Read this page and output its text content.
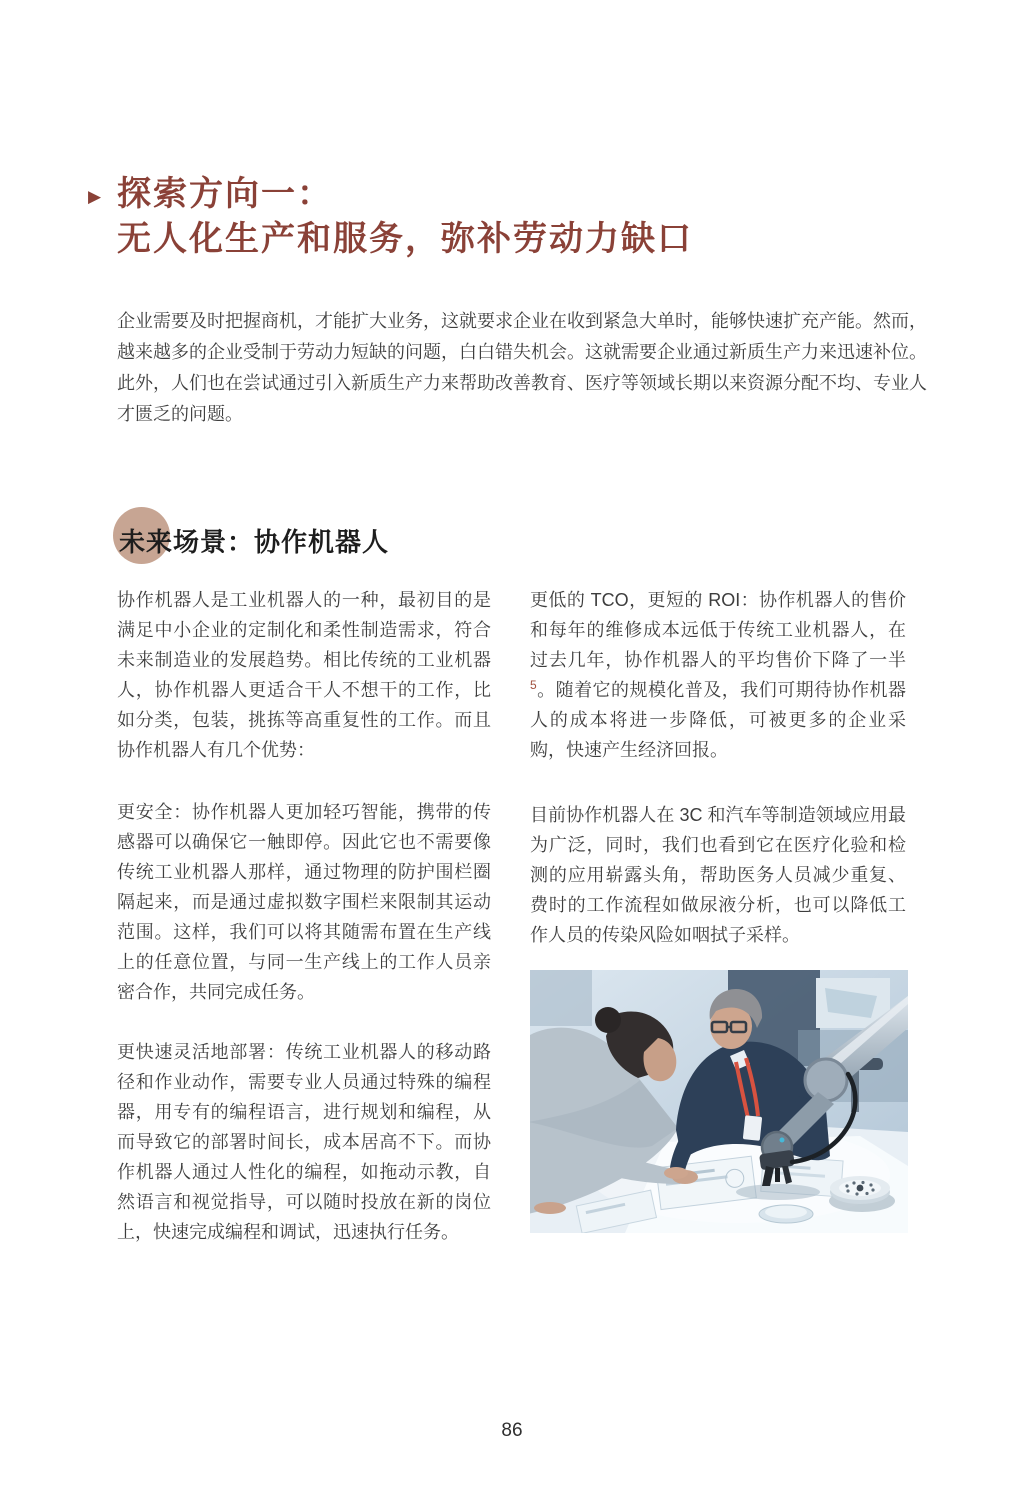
▶ 探索方向一：
无人化生产和服务，弥补劳动力缺口

企业需要及时把握商机，才能扩大业务，这就要求企业在收到紧急大单时，能够快速扩充产能。然而，越来越多的企业受制于劳动力短缺的问题，白白错失机会。这就需要企业通过新质生产力来迅速补位。此外，人们也在尝试通过引入新质生产力来帮助改善教育、医疗等领域长期以来资源分配不均、专业人才匮乏的问题。

未来场景：协作机器人

协作机器人是工业机器人的一种，最初目的是满足中小企业的定制化和柔性制造需求，符合未来制造业的发展趋势。相比传统的工业机器人，协作机器人更适合干人不想干的工作，比如分类，包装，挑拣等高重复性的工作。而且协作机器人有几个优势：

更安全：协作机器人更加轻巧智能，携带的传感器可以确保它一触即停。因此它也不需要像传统工业机器人那样，通过物理的防护围栏圈隔起来，而是通过虚拟数字围栏来限制其运动范围。这样，我们可以将其随需布置在生产线上的任意位置，与同一生产线上的工作人员亲密合作，共同完成任务。

更快速灵活地部署：传统工业机器人的移动路径和作业动作，需要专业人员通过特殊的编程器，用专有的编程语言，进行规划和编程，从而导致它的部署时间长，成本居高不下。而协作机器人通过人性化的编程，如拖动示教，自然语言和视觉指导，可以随时投放在新的岗位上，快速完成编程和调试，迅速执行任务。

更低的 TCO，更短的 ROI：协作机器人的售价和每年的维修成本远低于传统工业机器人，在过去几年，协作机器人的平均售价下降了一半$^5$。随着它的规模化普及，我们可期待协作机器人的成本将进一步降低，可被更多的企业采购，快速产生经济回报。

目前协作机器人在 3C 和汽车等制造领域应用最为广泛，同时，我们也看到它在医疗化验和检测的应用崭露头角，帮助医务人员减少重复、费时的工作流程如做尿液分析，也可以降低工作人员的传染风险如咽拭子采样。

86
